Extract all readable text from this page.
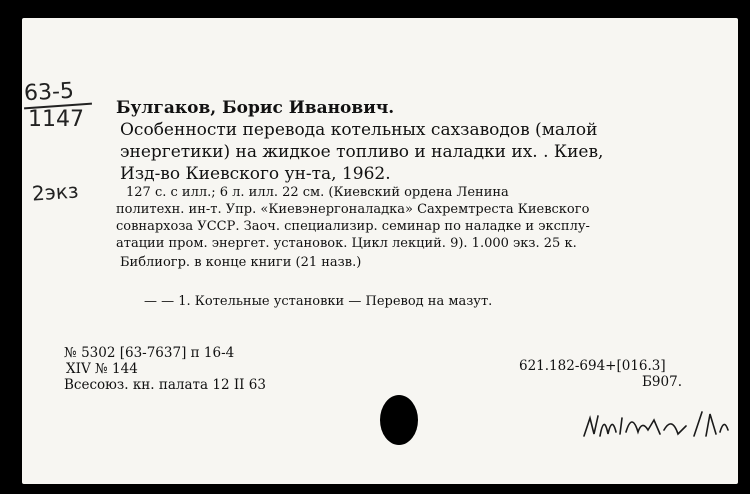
63-5
1147
2экз
Булгаков, Борис Иванович.
Особенности перевода котельных сахзаводов (малой
энергетики) на жидкое топливо и наладки их. . Киев,
Изд-во Киевского ун-та, 1962.
127 с. с илл.; 6 л. илл. 22 см. (Киевский ордена Ленина
политехн. ин-т. Упр. «Киевэнергоналадка» Сахремтреста Киевского
совнархоза УССР. Заоч. специализир. семинар по наладке и эксплу-
атации пром. энергет. установок. Цикл лекций. 9). 1.000 экз. 25 к.
Библиогр. в конце книги (21 назв.)
— — 1. Котельные установки — Перевод на мазут.
№ 5302 [63-7637] п 16-4
XIV № 144
Всесоюз. кн. палата 12 II 63
621.182-694+[016.3]
Б907.
